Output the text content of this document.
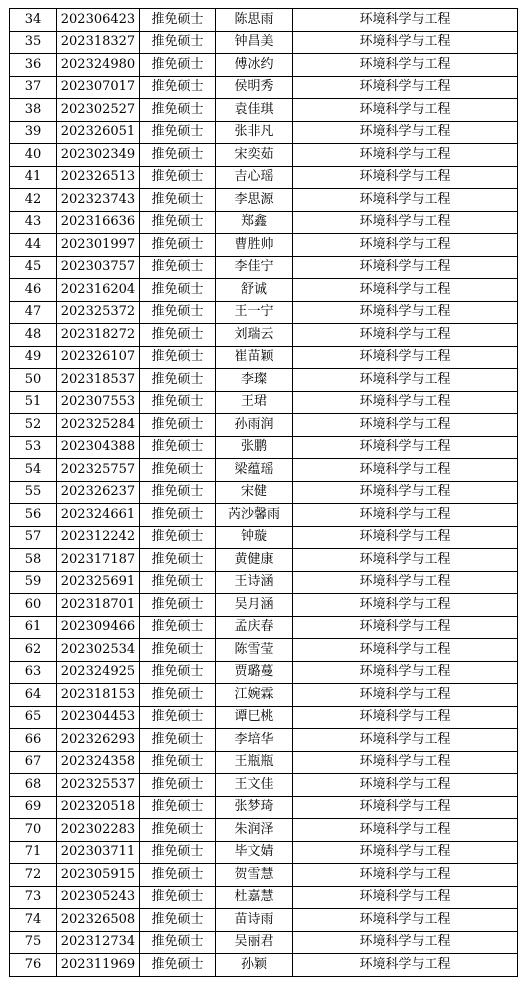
34	202306423	推免硕士	陈思雨	环境科学与工程
35	202318327	推免硕士	钟昌美	环境科学与工程
36	202324980	推免硕士	傅冰约	环境科学与工程
37	202307017	推免硕士	侯明秀	环境科学与工程
38	202302527	推免硕士	袁佳琪	环境科学与工程
39	202326051	推免硕士	张非凡	环境科学与工程
40	202302349	推免硕士	宋奕茹	环境科学与工程
41	202326513	推免硕士	吉心瑶	环境科学与工程
42	202323743	推免硕士	李思源	环境科学与工程
43	202316636	推免硕士	郑鑫	环境科学与工程
44	202301997	推免硕士	曹胜帅	环境科学与工程
45	202303757	推免硕士	李佳宁	环境科学与工程
46	202316204	推免硕士	舒诚	环境科学与工程
47	202325372	推免硕士	王一宁	环境科学与工程
48	202318272	推免硕士	刘瑞云	环境科学与工程
49	202326107	推免硕士	崔苗颖	环境科学与工程
50	202318537	推免硕士	李璨	环境科学与工程
51	202307553	推免硕士	王珺	环境科学与工程
52	202325284	推免硕士	孙雨润	环境科学与工程
53	202304388	推免硕士	张鹏	环境科学与工程
54	202325757	推免硕士	梁蕴瑶	环境科学与工程
55	202326237	推免硕士	宋健	环境科学与工程
56	202324661	推免硕士	芮沙馨雨	环境科学与工程
57	202312242	推免硕士	钟璇	环境科学与工程
58	202317187	推免硕士	黄健康	环境科学与工程
59	202325691	推免硕士	王诗涵	环境科学与工程
60	202318701	推免硕士	吴月涵	环境科学与工程
61	202309466	推免硕士	孟庆春	环境科学与工程
62	202302534	推免硕士	陈雪莹	环境科学与工程
63	202324925	推免硕士	贾璐蔓	环境科学与工程
64	202318153	推免硕士	江婉霖	环境科学与工程
65	202304453	推免硕士	谭巳桃	环境科学与工程
66	202326293	推免硕士	李培华	环境科学与工程
67	202324358	推免硕士	王瓶瓶	环境科学与工程
68	202325537	推免硕士	王文佳	环境科学与工程
69	202320518	推免硕士	张梦琦	环境科学与工程
70	202302283	推免硕士	朱润泽	环境科学与工程
71	202303711	推免硕士	毕文婧	环境科学与工程
72	202305915	推免硕士	贺雪慧	环境科学与工程
73	202305243	推免硕士	杜嘉慧	环境科学与工程
74	202326508	推免硕士	苗诗雨	环境科学与工程
75	202312734	推免硕士	吴丽君	环境科学与工程
76	202311969	推免硕士	孙颖	环境科学与工程
